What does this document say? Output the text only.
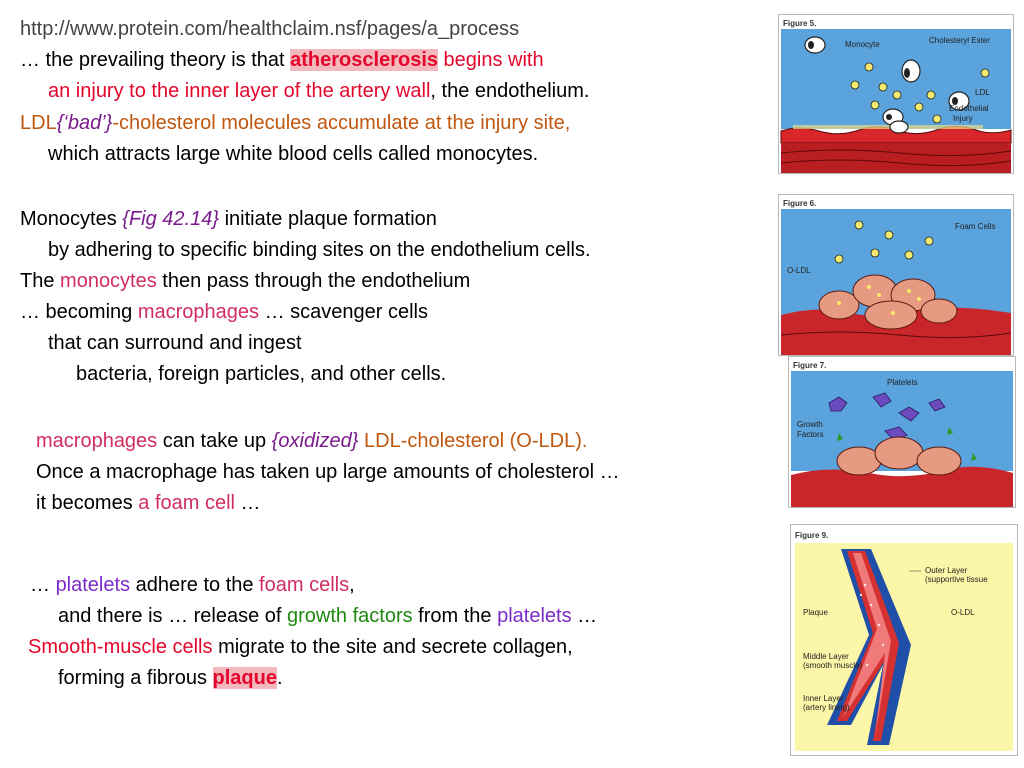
http://www.protein.com/healthclaim.nsf/pages/a_process
… the prevailing theory is that atherosclerosis begins with
an injury to the inner layer of the artery wall, the endothelium.
LDL{‘bad’}-cholesterol molecules accumulate at the injury site,
which attracts large white blood cells called monocytes.
Monocytes {Fig 42.14} initiate plaque formation
by adhering to specific binding sites on the endothelium cells.
The monocytes then pass through the endothelium
… becoming macrophages … scavenger cells
that can surround and ingest
bacteria, foreign particles, and other cells.
macrophages can take up {oxidized} LDL-cholesterol (O-LDL).
Once a macrophage has taken up large amounts of cholesterol …
it becomes a foam cell …
… platelets adhere to the foam cells,
and there is … release of growth factors from the platelets …
Smooth-muscle cells migrate to the site and secrete collagen,
forming a fibrous plaque.
Figure 5.
Monocyte	Cholesteryl Ester
LDL
Endothelial
Injury
Figure 6.
Foam Cells
O-LDL
Figure 7.
Platelets
Growth
Factors
Figure 9.
Outer Layer
(supportive tissue
Plaque	O-LDL
Middle Layer
(smooth muscle)
Inner Layer
(artery lining)
